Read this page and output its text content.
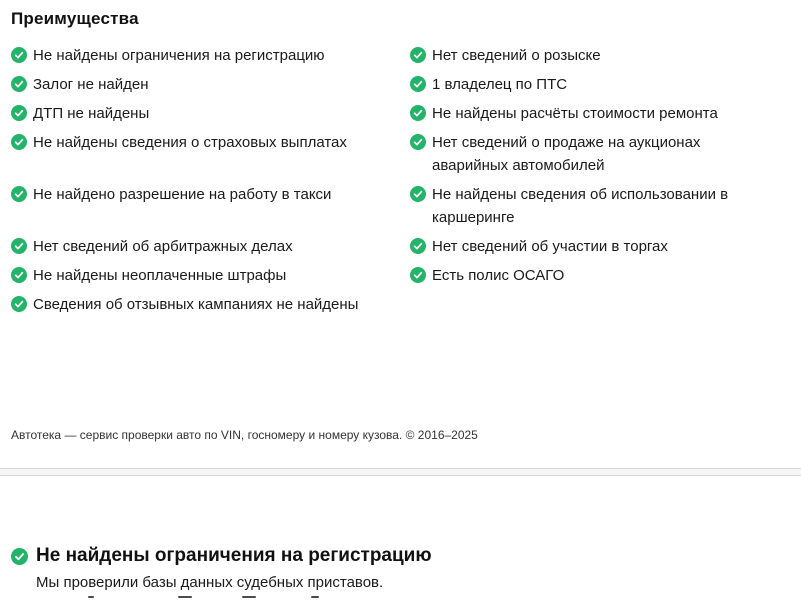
Преимущества
Не найдены ограничения на регистрацию	Нет сведений о розыске
Залог не найден	1 владелец по ПТС
ДТП не найдены	Не найдены расчёты стоимости ремонта
Не найдены сведения о страховых выплатах	Нет сведений о продаже на аукционах аварийных автомобилей
Не найдено разрешение на работу в такси	Не найдены сведения об использовании в каршеринге
Нет сведений об арбитражных делах	Нет сведений об участии в торгах
Не найдены неоплаченные штрафы	Есть полис ОСАГО
Сведения об отзывных кампаниях не найдены
Автотека — сервис проверки авто по VIN, госномеру и номеру кузова. © 2016–2025
Не найдены ограничения на регистрацию
Мы проверили базы данных судебных приставов.
